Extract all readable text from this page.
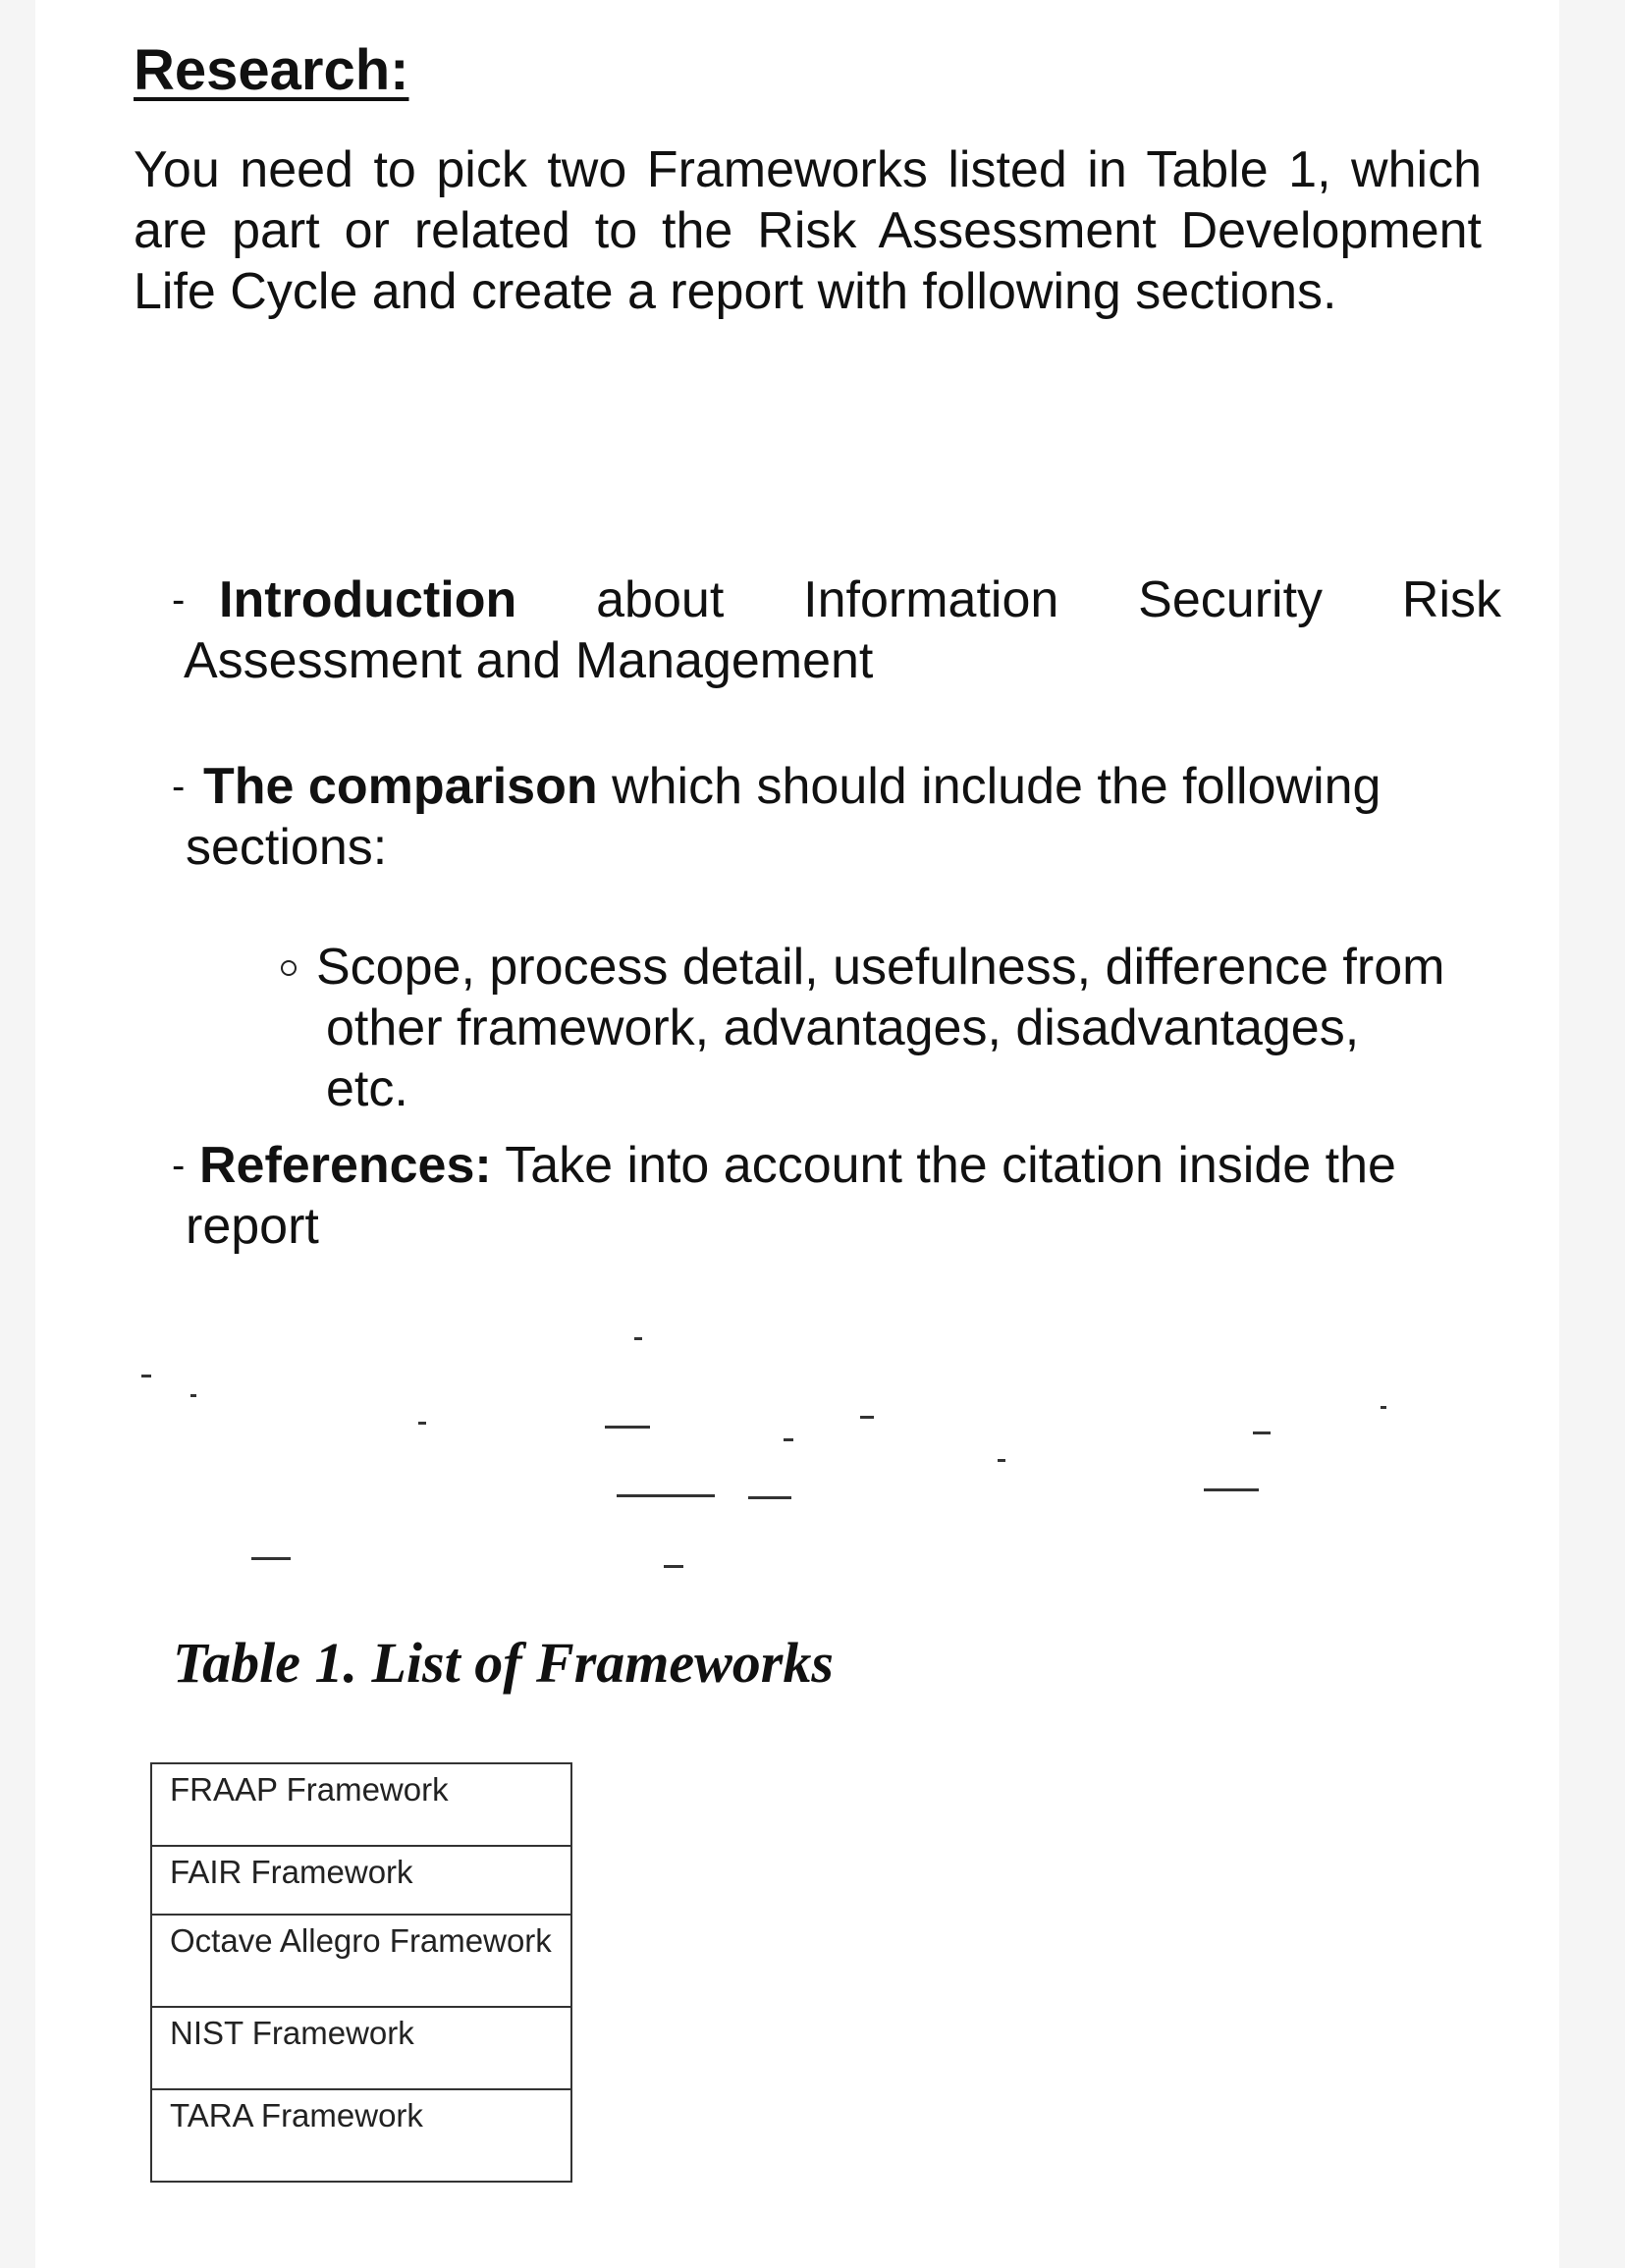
Research:

You need to pick two Frameworks listed in Table 1, which are part or related to the Risk Assessment Development Life Cycle and create a report with following sections.

- Introduction about Information Security Risk
Assessment and Management
- The comparison which should include the following
sections:
Scope, process detail, usefulness, difference from
other framework, advantages, disadvantages,
etc.
- References: Take into account the citation inside the
report
Table 1. List of Frameworks
FRAAP Framework
FAIR Framework
Octave Allegro Framework
NIST Framework
TARA Framework
